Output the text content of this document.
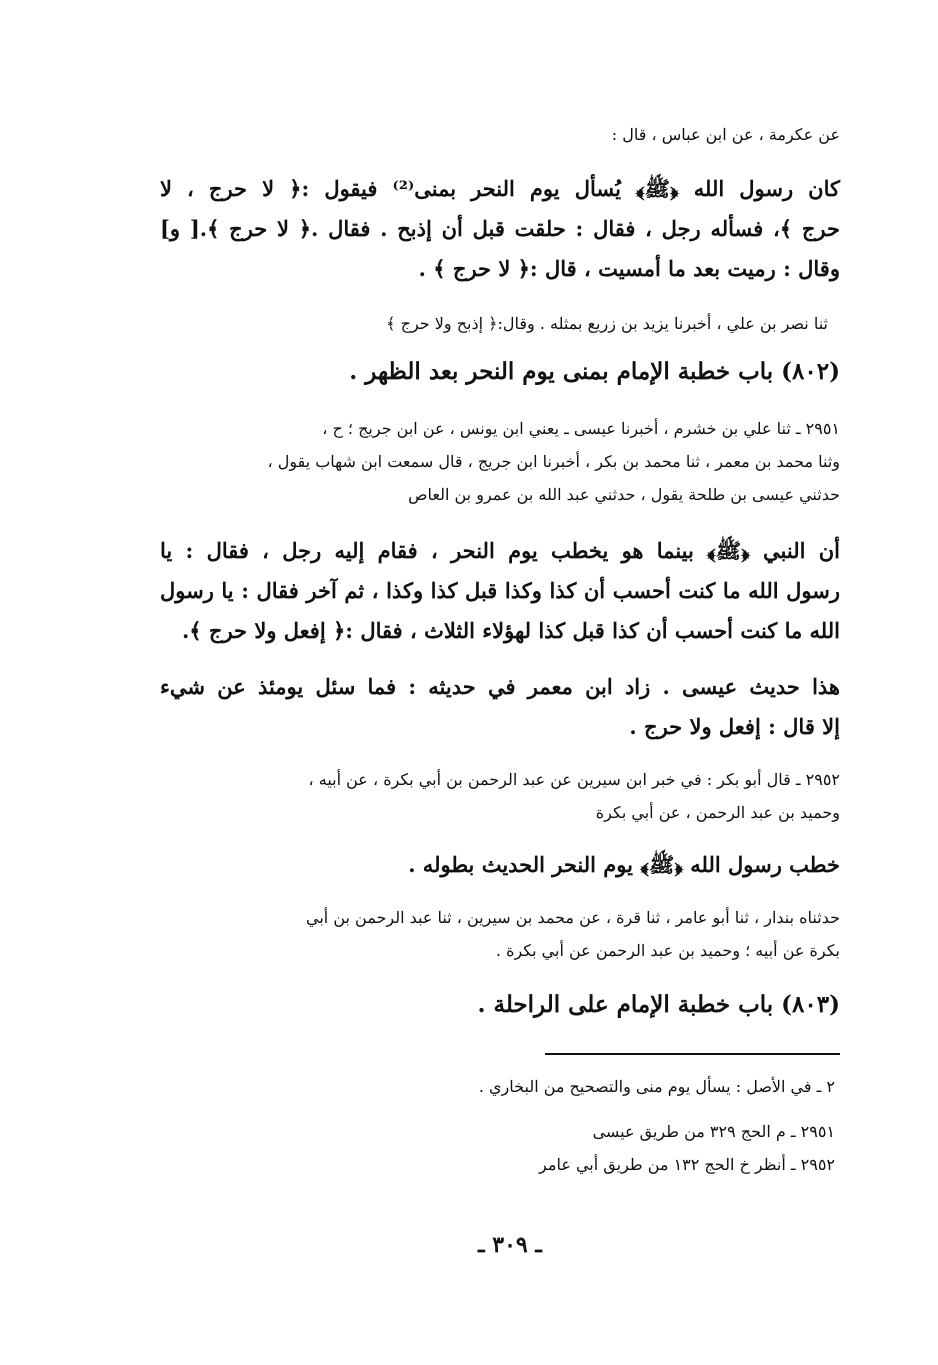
عن عكرمة ، عن ابن عباس ، قال :

كان رسول الله ﴿ﷺ﴾ يُسأل يوم النحر بمنى⁽²⁾ فيقول :﴿ لا حرج ، لا
حرج ﴾، فسأله رجل ، فقال : حلقت قبل أن إذبح . فقال .﴿ لا حرج ﴾.[ و]
وقال : رميت بعد ما أمسيت ، قال :﴿ لا حرج ﴾ .

ثنا نصر بن علي ، أخبرنا يزيد بن زريع بمثله . وقال:﴿ إذبح ولا حرج ﴾

(٨٠٢) باب خطبة الإمام بمنى يوم النحر بعد الظهر .

٢٩٥١ ـ ثنا علي بن خشرم ، أخبرنا عيسى ـ يعني ابن يونس ، عن ابن جريج ؛ ح ،
وثنا محمد بن معمر ، ثنا محمد بن بكر ، أخبرنا ابن جريج ، قال سمعت ابن شهاب يقول ،
حدثني عيسى بن طلحة يقول ، حدثني عبد الله بن عمرو بن العاص
أن النبي ﴿ﷺ﴾ بينما هو يخطب يوم النحر ، فقام إليه رجل ، فقال : يا
رسول الله ما كنت أحسب أن كذا وكذا قبل كذا وكذا ، ثم آخر فقال : يا رسول
الله ما كنت أحسب أن كذا قبل كذا لهؤلاء الثلاث ، فقال :﴿ إفعل ولا حرج ﴾.
هذا حديث عيسى . زاد ابن معمر في حديثه : فما سئل يومئذ عن شيء
إلا قال : إفعل ولا حرج .
٢٩٥٢ ـ قال أبو بكر : في خبر ابن سيرين عن عبد الرحمن بن أبي بكرة ، عن أبيه ،
وحميد بن عبد الرحمن ، عن أبي بكرة

خطب رسول الله ﴿ﷺ﴾ يوم النحر الحديث بطوله .

حدثناه بندار ، ثنا أبو عامر ، ثنا قرة ، عن محمد بن سيرين ، ثنا عبد الرحمن بن أبي
بكرة عن أبيه ؛ وحميد بن عبد الرحمن عن أبي بكرة .

(٨٠٣) باب خطبة الإمام على الراحلة .

٢ ـ في الأصل : يسأل يوم منى والتصحيح من البخاري .
٢٩٥١ ـ م الحج ٣٢٩ من طريق عيسى
٢٩٥٢ ـ أنظر خ الحج ١٣٢ من طريق أبي عامر
ـ ٣٠٩ ـ
